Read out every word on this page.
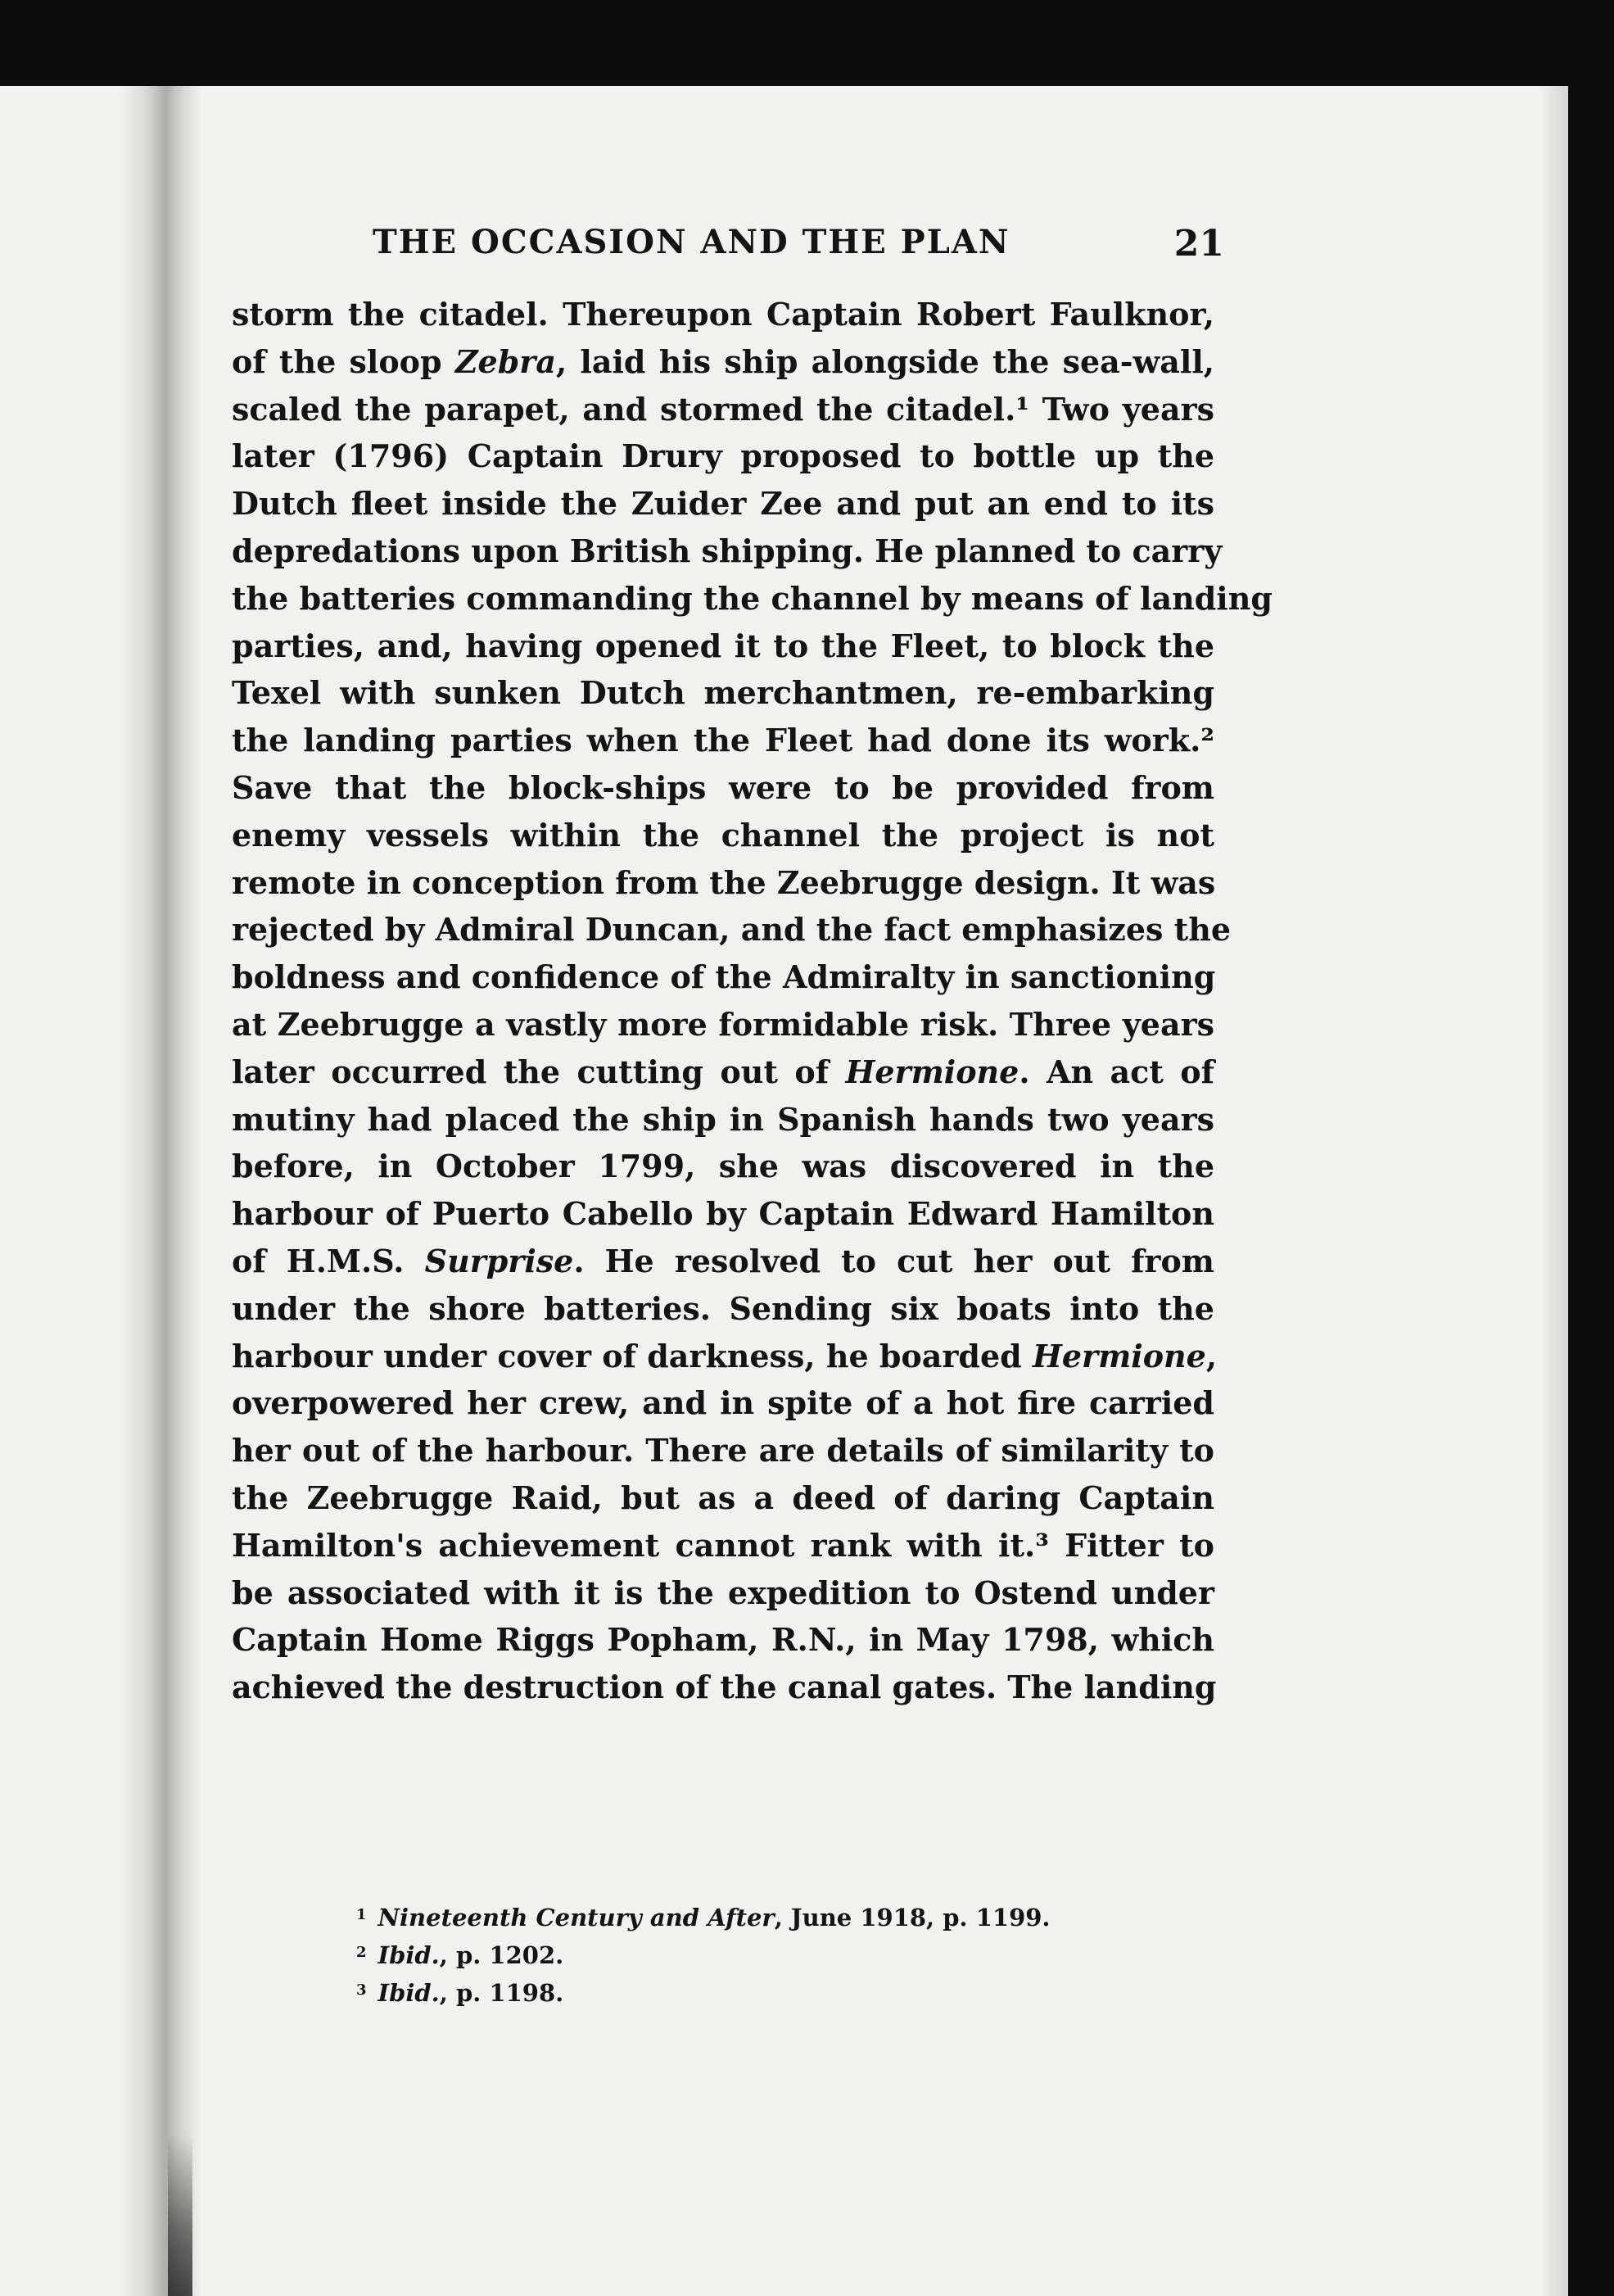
THE OCCASION AND THE PLAN	21
storm the citadel. Thereupon Captain Robert Faulknor,
of the sloop Zebra, laid his ship alongside the sea-wall,
scaled the parapet, and stormed the citadel.¹ Two years
later (1796) Captain Drury proposed to bottle up the
Dutch fleet inside the Zuider Zee and put an end to its
depredations upon British shipping. He planned to carry
the batteries commanding the channel by means of landing
parties, and, having opened it to the Fleet, to block the
Texel with sunken Dutch merchantmen, re-embarking
the landing parties when the Fleet had done its work.²
Save that the block-ships were to be provided from
enemy vessels within the channel the project is not
remote in conception from the Zeebrugge design. It was
rejected by Admiral Duncan, and the fact emphasizes the
boldness and confidence of the Admiralty in sanctioning
at Zeebrugge a vastly more formidable risk. Three years
later occurred the cutting out of Hermione. An act of
mutiny had placed the ship in Spanish hands two years
before, in October 1799, she was discovered in the
harbour of Puerto Cabello by Captain Edward Hamilton
of H.M.S. Surprise. He resolved to cut her out from
under the shore batteries. Sending six boats into the
harbour under cover of darkness, he boarded Hermione,
overpowered her crew, and in spite of a hot fire carried
her out of the harbour. There are details of similarity to
the Zeebrugge Raid, but as a deed of daring Captain
Hamilton's achievement cannot rank with it.³ Fitter to
be associated with it is the expedition to Ostend under
Captain Home Riggs Popham, R.N., in May 1798, which
achieved the destruction of the canal gates. The landing
$^1$ Nineteenth Century and After, June 1918, p. 1199.
$^2$ Ibid., p. 1202.
$^3$ Ibid., p. 1198.
